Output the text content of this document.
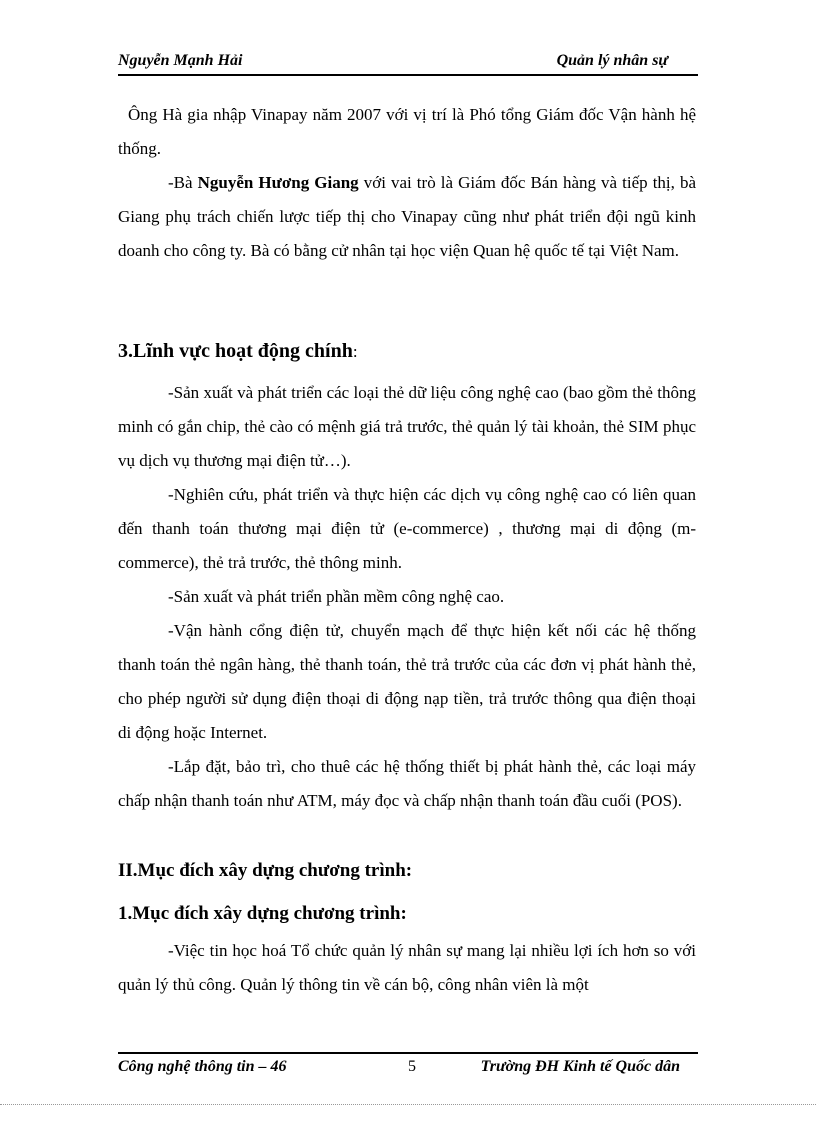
Nguyễn Mạnh Hải	Quản lý nhân sự

Ông Hà gia nhập Vinapay năm 2007 với vị trí là Phó tổng Giám đốc Vận hành hệ thống.

-Bà Nguyễn Hương Giang với vai trò là Giám đốc Bán hàng và tiếp thị, bà Giang phụ trách chiến lược tiếp thị cho Vinapay cũng như phát triển đội ngũ kinh doanh cho công ty. Bà có bằng cử nhân tại học viện Quan hệ quốc tế tại Việt Nam.

3.Lĩnh vực hoạt động chính:

-Sản xuất và phát triển các loại thẻ dữ liệu công nghệ cao (bao gồm thẻ thông minh có gắn chip, thẻ cào có mệnh giá trả trước, thẻ quản lý tài khoản, thẻ SIM phục vụ dịch vụ thương mại điện tử…).

-Nghiên cứu, phát triển và thực hiện các dịch vụ công nghệ cao có liên quan đến thanh toán thương mại điện tử (e-commerce) , thương mại di động (m-commerce), thẻ trả trước, thẻ thông minh.

-Sản xuất và phát triển phần mềm công nghệ cao.

-Vận hành cổng điện tử, chuyển mạch để thực hiện kết nối các hệ thống thanh toán thẻ ngân hàng, thẻ thanh toán, thẻ trả trước của các đơn vị phát hành thẻ, cho phép người sử dụng điện thoại di động nạp tiền, trả trước thông qua điện thoại di động hoặc Internet.

-Lắp đặt, bảo trì, cho thuê các hệ thống thiết bị phát hành thẻ, các loại máy chấp nhận thanh toán như ATM, máy đọc và chấp nhận thanh toán đầu cuối (POS).

II.Mục đích xây dựng chương trình:
1.Mục đích xây dựng chương trình:

-Việc tin học hoá Tổ chức quản lý nhân sự mang lại nhiều lợi ích hơn so với quản lý thủ công. Quản lý thông tin về cán bộ, công nhân viên là một

Công nghệ thông tin – 46	5	Trường ĐH Kinh tế Quốc dân
